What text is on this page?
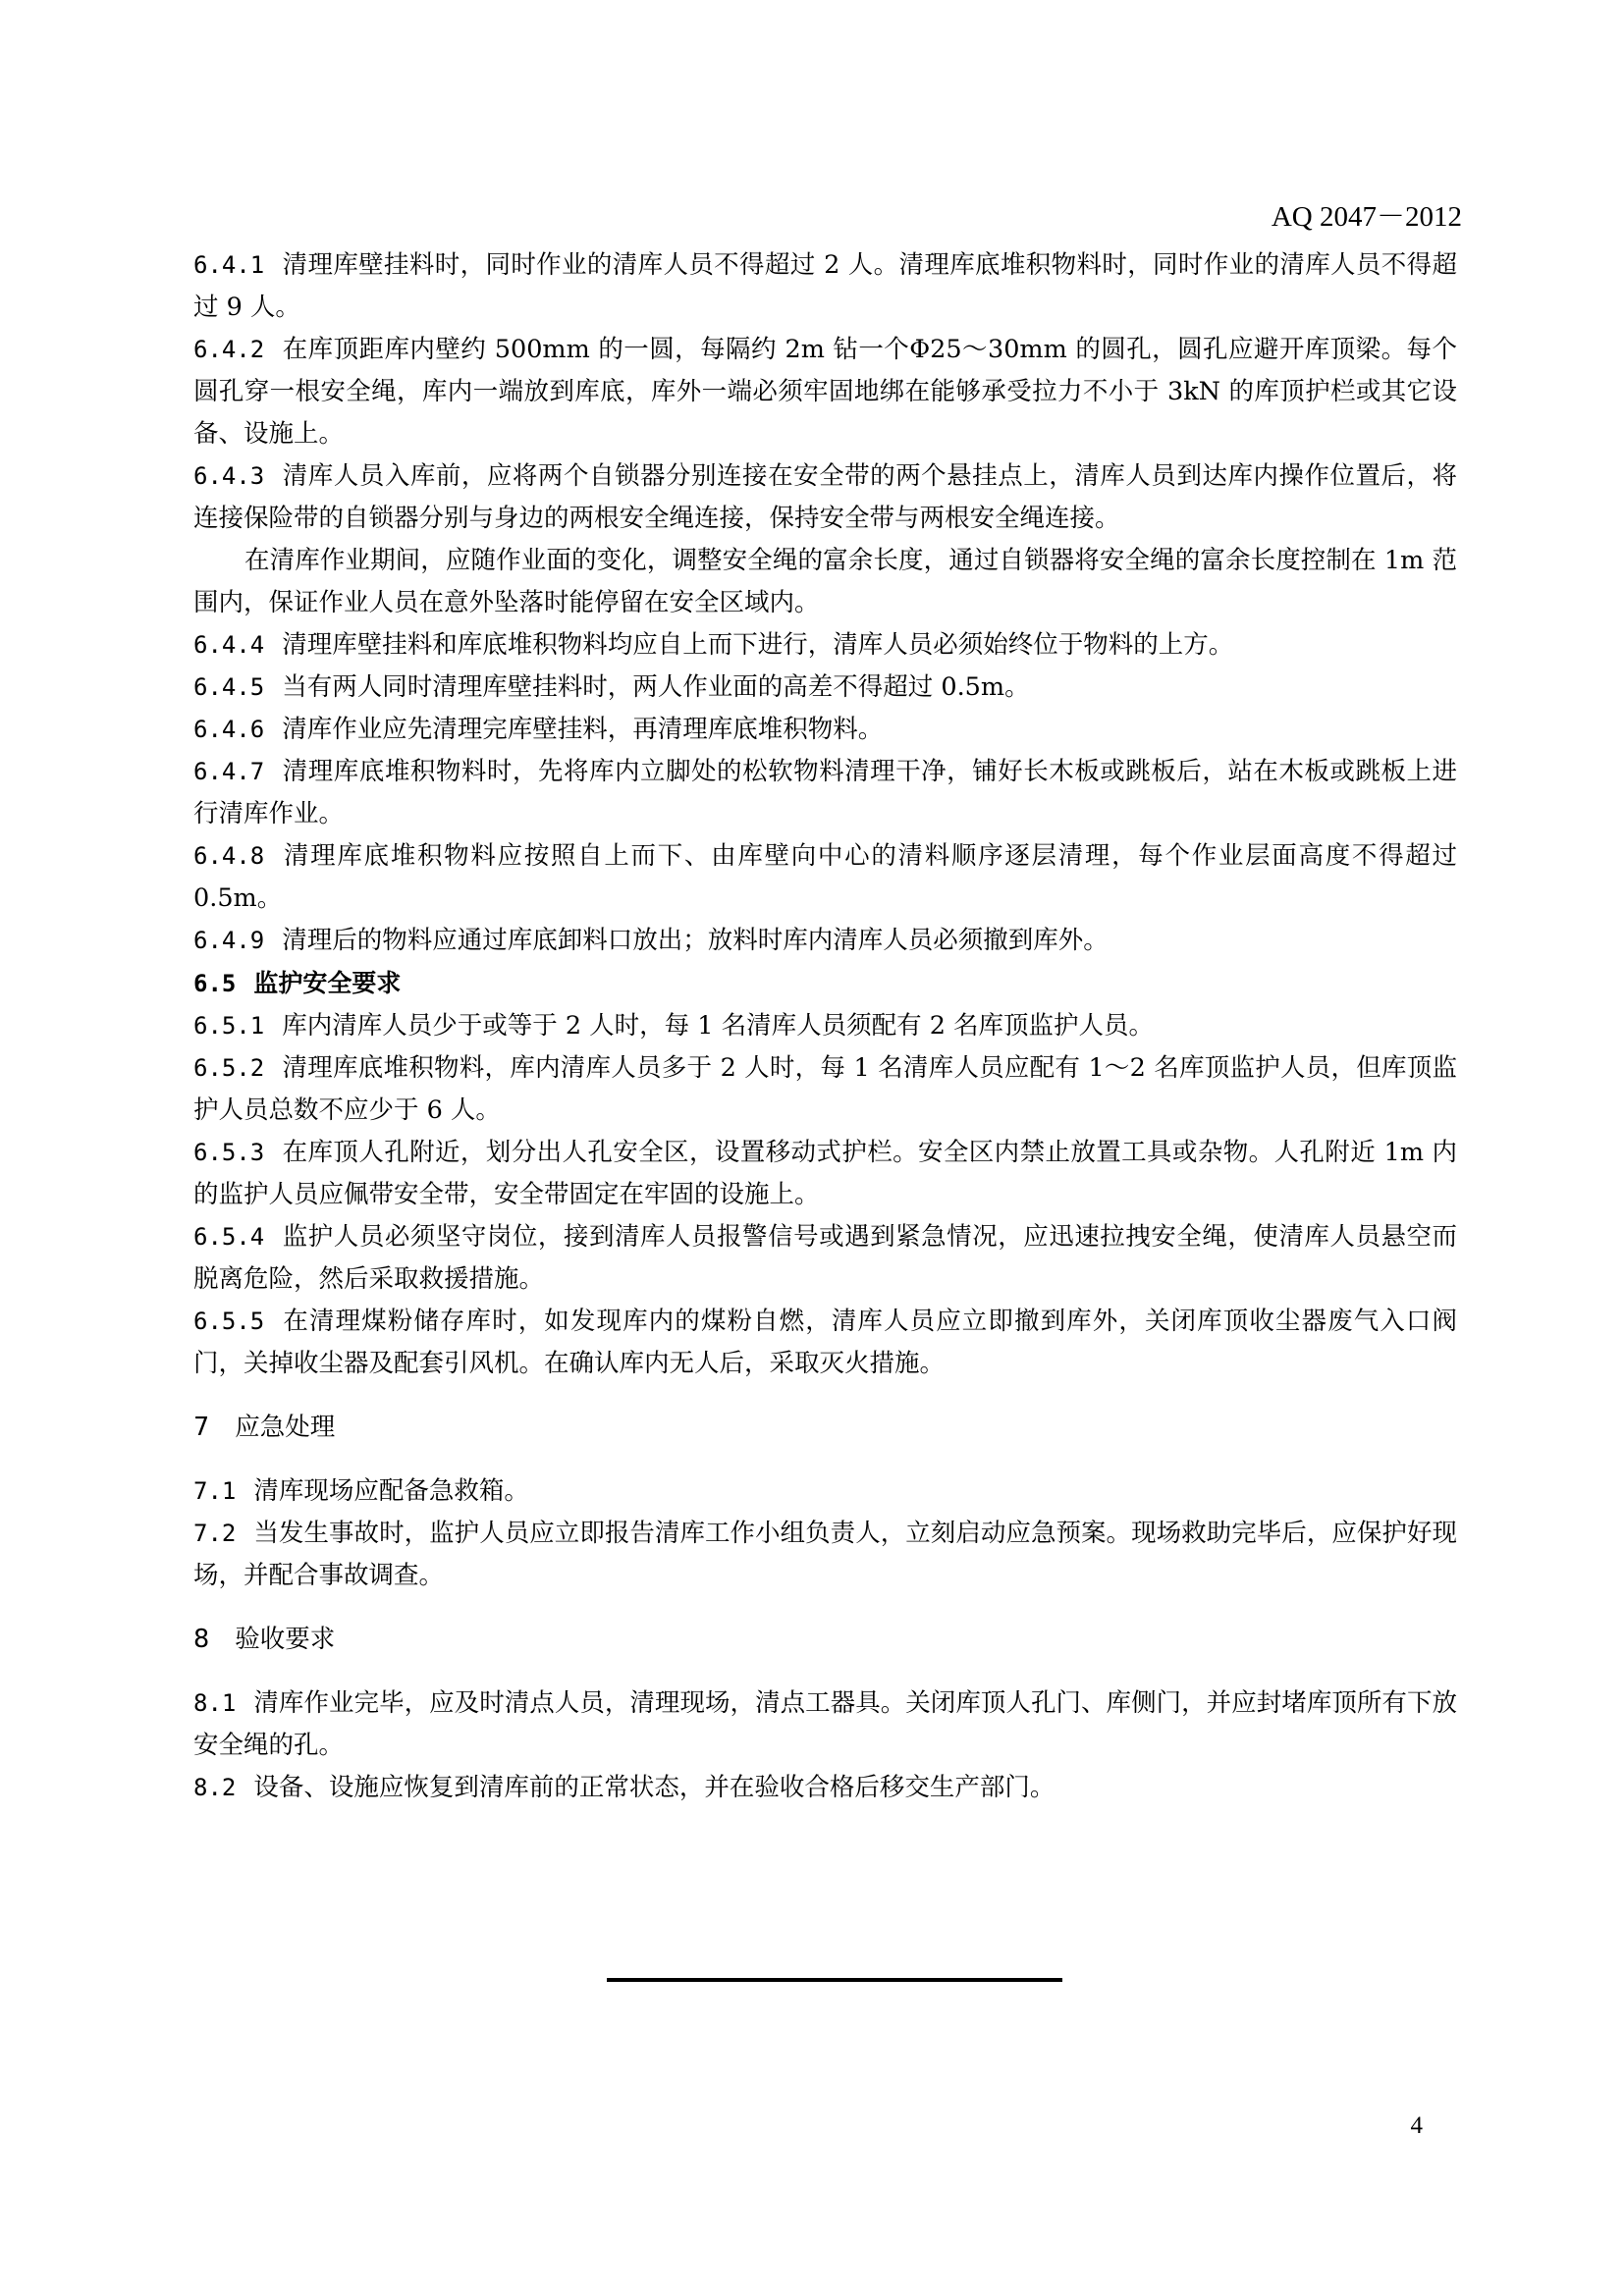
AQ 2047－2012

6.4.1 清理库壁挂料时，同时作业的清库人员不得超过 2 人。清理库底堆积物料时，同时作业的清库人员不得超过 9 人。

6.4.2 在库顶距库内壁约 500mm 的一圆，每隔约 2m 钻一个Φ25～30mm 的圆孔，圆孔应避开库顶梁。每个圆孔穿一根安全绳，库内一端放到库底，库外一端必须牢固地绑在能够承受拉力不小于 3kN 的库顶护栏或其它设备、设施上。

6.4.3 清库人员入库前，应将两个自锁器分别连接在安全带的两个悬挂点上，清库人员到达库内操作位置后，将连接保险带的自锁器分别与身边的两根安全绳连接，保持安全带与两根安全绳连接。

在清库作业期间，应随作业面的变化，调整安全绳的富余长度，通过自锁器将安全绳的富余长度控制在 1m 范围内，保证作业人员在意外坠落时能停留在安全区域内。

6.4.4 清理库壁挂料和库底堆积物料均应自上而下进行，清库人员必须始终位于物料的上方。

6.4.5 当有两人同时清理库壁挂料时，两人作业面的高差不得超过 0.5m。

6.4.6 清库作业应先清理完库壁挂料，再清理库底堆积物料。

6.4.7 清理库底堆积物料时，先将库内立脚处的松软物料清理干净，铺好长木板或跳板后，站在木板或跳板上进行清库作业。

6.4.8 清理库底堆积物料应按照自上而下、由库壁向中心的清料顺序逐层清理，每个作业层面高度不得超过 0.5m。

6.4.9 清理后的物料应通过库底卸料口放出；放料时库内清库人员必须撤到库外。

6.5 监护安全要求

6.5.1 库内清库人员少于或等于 2 人时，每 1 名清库人员须配有 2 名库顶监护人员。

6.5.2 清理库底堆积物料，库内清库人员多于 2 人时，每 1 名清库人员应配有 1～2 名库顶监护人员，但库顶监护人员总数不应少于 6 人。

6.5.3 在库顶人孔附近，划分出人孔安全区，设置移动式护栏。安全区内禁止放置工具或杂物。人孔附近 1m 内的监护人员应佩带安全带，安全带固定在牢固的设施上。

6.5.4 监护人员必须坚守岗位，接到清库人员报警信号或遇到紧急情况，应迅速拉拽安全绳，使清库人员悬空而脱离危险，然后采取救援措施。

6.5.5 在清理煤粉储存库时，如发现库内的煤粉自燃，清库人员应立即撤到库外，关闭库顶收尘器废气入口阀门，关掉收尘器及配套引风机。在确认库内无人后，采取灭火措施。

7 应急处理

7.1 清库现场应配备急救箱。

7.2 当发生事故时，监护人员应立即报告清库工作小组负责人，立刻启动应急预案。现场救助完毕后，应保护好现场，并配合事故调查。

8 验收要求

8.1 清库作业完毕，应及时清点人员，清理现场，清点工器具。关闭库顶人孔门、库侧门，并应封堵库顶所有下放安全绳的孔。

8.2 设备、设施应恢复到清库前的正常状态，并在验收合格后移交生产部门。

4
